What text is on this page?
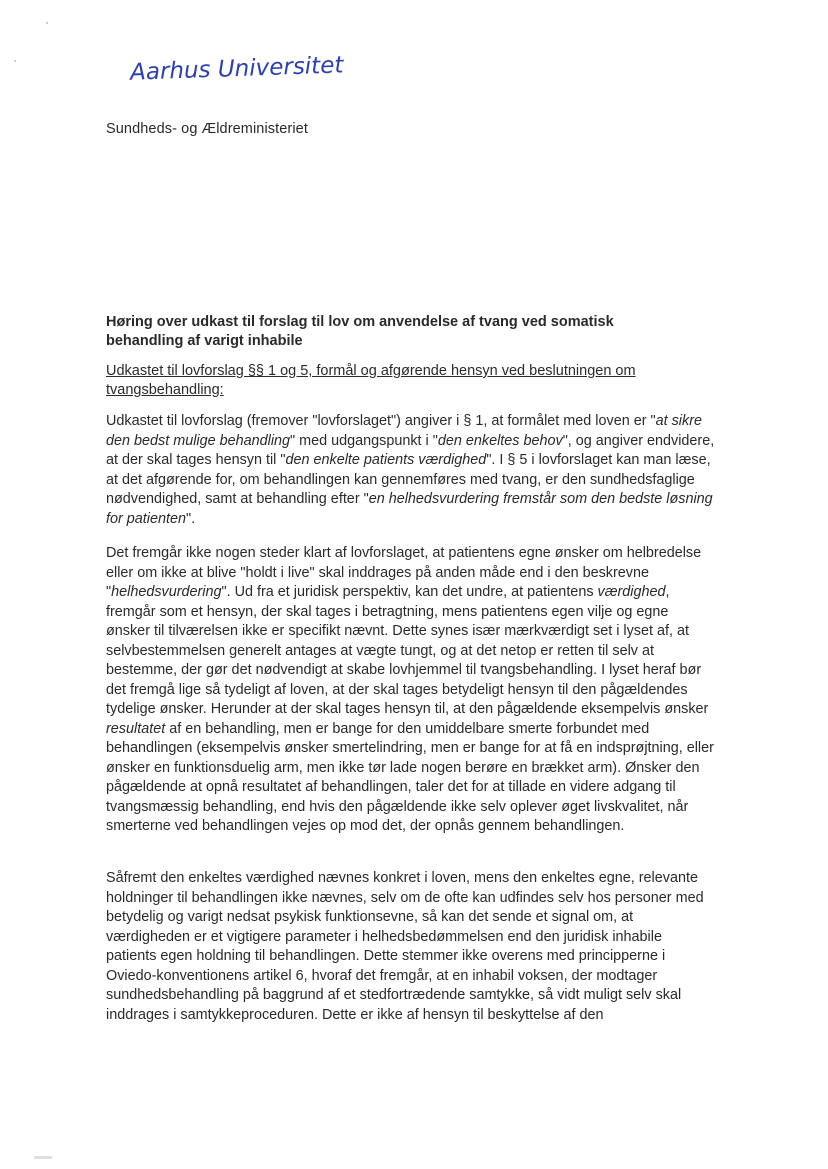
Aarhus Universitet
Sundheds- og Ældreministeriet
Høring over udkast til forslag til lov om anvendelse af tvang ved somatisk
behandling af varigt inhabile
Udkastet til lovforslag §§ 1 og 5, formål og afgørende hensyn ved beslutningen om
tvangsbehandling:

Udkastet til lovforslag (fremover "lovforslaget") angiver i § 1, at formålet med loven er "at sikre den bedst mulige behandling" med udgangspunkt i "den enkeltes behov", og angiver endvidere, at der skal tages hensyn til "den enkelte patients værdighed". I § 5 i lovforslaget kan man læse, at det afgørende for, om behandlingen kan gennemføres med tvang, er den sundhedsfaglige nødvendighed, samt at behandling efter "en helhedsvurdering fremstår som den bedste løsning for patienten".

Det fremgår ikke nogen steder klart af lovforslaget, at patientens egne ønsker om helbredelse eller om ikke at blive "holdt i live" skal inddrages på anden måde end i den beskrevne "helhedsvurdering". Ud fra et juridisk perspektiv, kan det undre, at patientens værdighed, fremgår som et hensyn, der skal tages i betragtning, mens patientens egen vilje og egne ønsker til tilværelsen ikke er specifikt nævnt. Dette synes især mærkværdigt set i lyset af, at selvbestemmelsen generelt antages at vægte tungt, og at det netop er retten til selv at bestemme, der gør det nødvendigt at skabe lovhjemmel til tvangsbehandling. I lyset heraf bør det fremgå lige så tydeligt af loven, at der skal tages betydeligt hensyn til den pågældendes tydelige ønsker. Herunder at der skal tages hensyn til, at den pågældende eksempelvis ønsker resultatet af en behandling, men er bange for den umiddelbare smerte forbundet med behandlingen (eksempelvis ønsker smertelindring, men er bange for at få en indsprøjtning, eller ønsker en funktionsduelig arm, men ikke tør lade nogen berøre en brækket arm). Ønsker den pågældende at opnå resultatet af behandlingen, taler det for at tillade en videre adgang til tvangsmæssig behandling, end hvis den pågældende ikke selv oplever øget livskvalitet, når smerterne ved behandlingen vejes op mod det, der opnås gennem behandlingen.

Såfremt den enkeltes værdighed nævnes konkret i loven, mens den enkeltes egne, relevante holdninger til behandlingen ikke nævnes, selv om de ofte kan udfindes selv hos personer med betydelig og varigt nedsat psykisk funktionsevne, så kan det sende et signal om, at værdigheden er et vigtigere parameter i helhedsbedømmelsen end den juridisk inhabile patients egen holdning til behandlingen. Dette stemmer ikke overens med principperne i Oviedo-konventionens artikel 6, hvoraf det fremgår, at en inhabil voksen, der modtager sundhedsbehandling på baggrund af et stedfortrædende samtykke, så vidt muligt selv skal inddrages i samtykkeproceduren. Dette er ikke af hensyn til beskyttelse af den
